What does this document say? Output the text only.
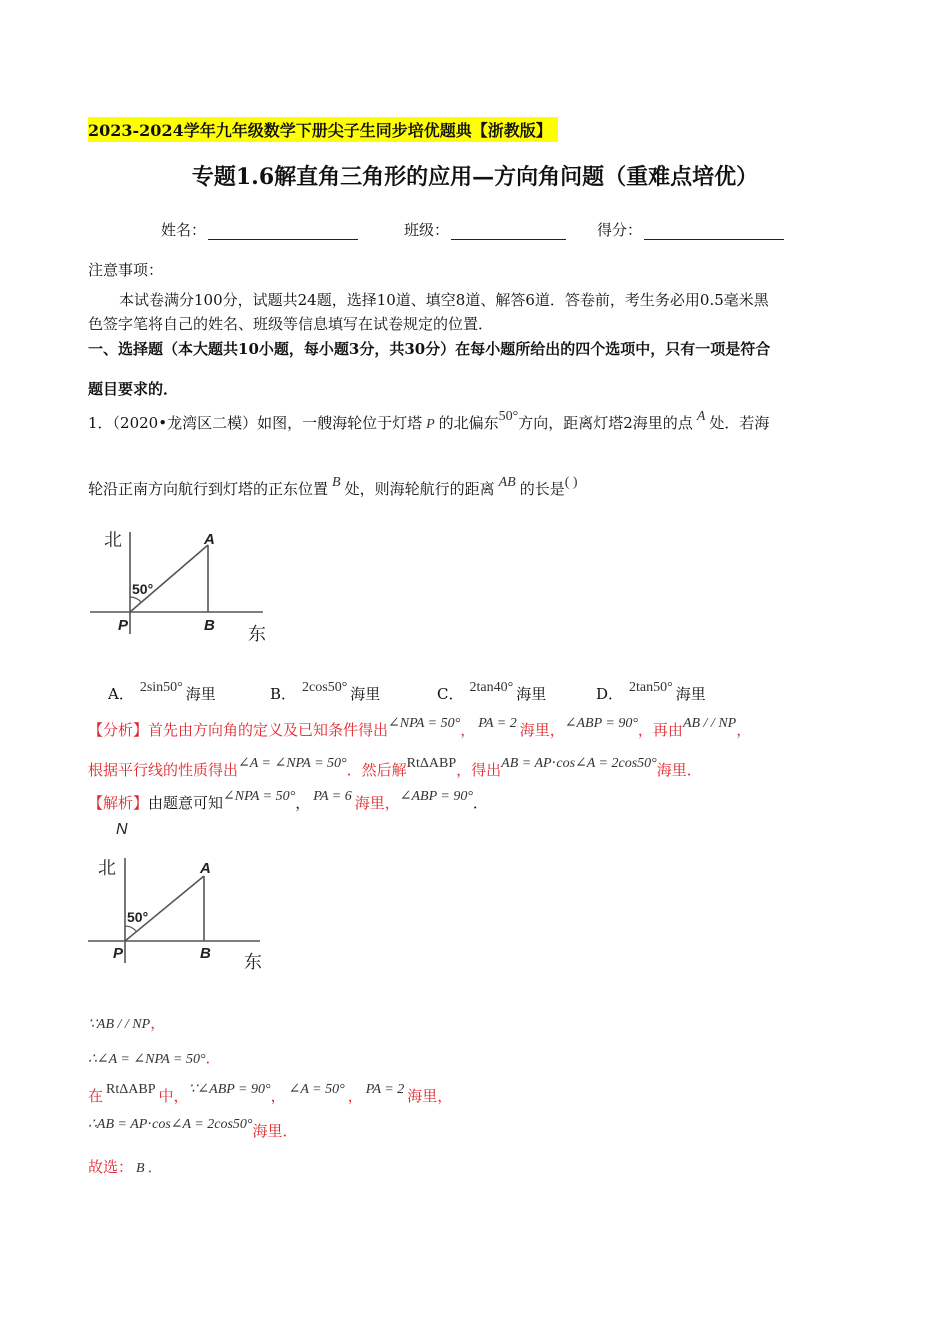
2023-2024学年九年级数学下册尖子生同步培优题典【浙教版】
专题1.6解直角三角形的应用—方向角问题（重难点培优）
姓名：	班级：	得分：
注意事项：
本试卷满分100分，试题共24题，选择10道、填空8道、解答6道．答卷前，考生务必用0.5毫米黑
色签字笔将自己的姓名、班级等信息填写在试卷规定的位置．
一、选择题（本大题共10小题，每小题3分，共30分）在每小题所给出的四个选项中，只有一项是符合
题目要求的．
1．（2020•龙湾区二模）如图，一艘海轮位于灯塔 P 的北偏东50°方向，距离灯塔2海里的点 A 处．若海
轮沿正南方向航行到灯塔的正东位置 B 处，则海轮航行的距离 AB 的长是( )
北	A
50°
P	B 东
A． 2sin50° 海里	B． 2cos50° 海里	C． 2tan40° 海里	D． 2tan50° 海里
【分析】首先由方向角的定义及已知条件得出∠NPA = 50°， PA = 2 海里，∠ABP = 90°，再由AB / / NP，
根据平行线的性质得出∠A = ∠NPA = 50°．然后解RtΔABP，得出AB = AP⋅cos∠A = 2cos50°海里．
【解析】由题意可知∠NPA = 50°， PA = 6 海里，∠ABP = 90°．
N
北	A
50°
P	B 东
∵AB / / NP，
∴∠A = ∠NPA = 50°．
在 RtΔABP 中，∵∠ABP = 90°， ∠A = 50° ， PA = 2 海里，
∴AB = AP⋅cos∠A = 2cos50°海里．
故选： B ．
